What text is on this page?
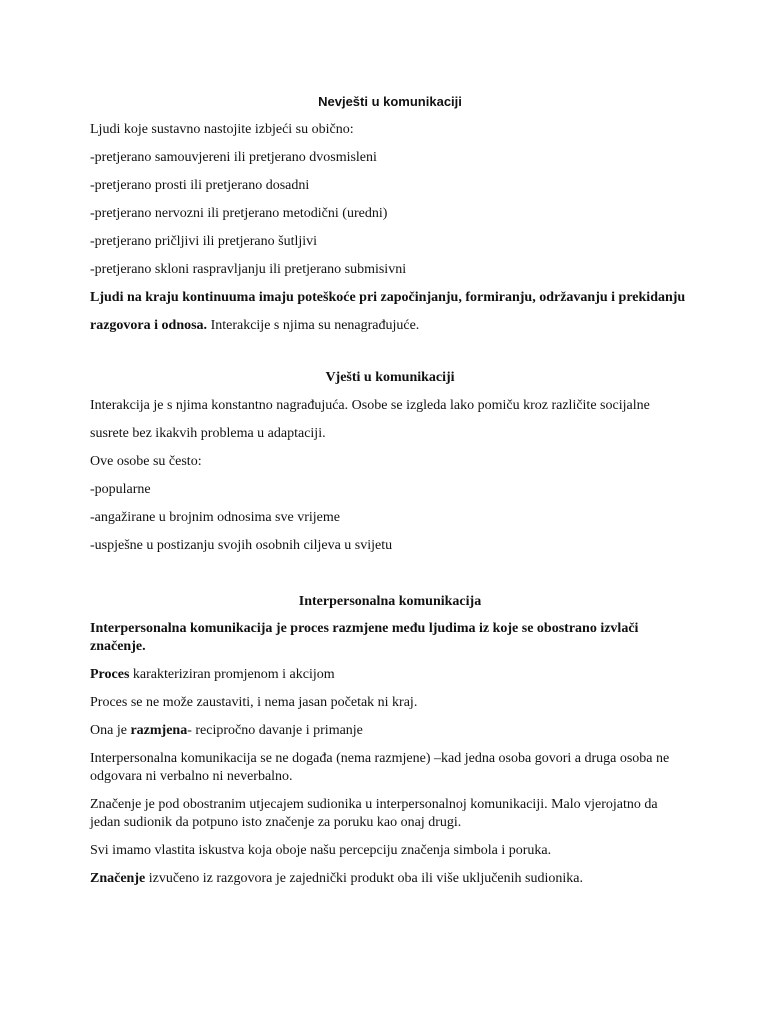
Nevješti u komunikaciji

Ljudi koje sustavno nastojite izbjeći su obično:

-pretjerano samouvjereni ili pretjerano dvosmisleni

-pretjerano prosti ili pretjerano dosadni

-pretjerano nervozni ili pretjerano metodični (uredni)

-pretjerano pričljivi ili pretjerano šutljivi

-pretjerano skloni raspravljanju ili pretjerano submisivni

Ljudi na kraju kontinuuma imaju poteškoće pri započinjanju, formiranju, održavanju i prekidanju razgovora i odnosa. Interakcije s njima su nenagrađujuće.

Vješti u komunikaciji

Interakcija je s njima konstantno nagrađujuća. Osobe se izgleda lako pomiču kroz različite socijalne susrete bez ikakvih problema u adaptaciji.

Ove osobe su često:

-popularne

-angažirane u brojnim odnosima sve vrijeme

-uspješne u postizanju svojih osobnih ciljeva u svijetu

Interpersonalna komunikacija

Interpersonalna komunikacija je proces razmjene među ljudima iz koje se obostrano izvlači značenje.

Proces karakteriziran promjenom i akcijom

Proces se ne može zaustaviti, i nema jasan početak ni kraj.

Ona je razmjena- recipročno davanje i primanje

Interpersonalna komunikacija se ne događa (nema razmjene) –kad jedna osoba govori a druga osoba ne odgovara ni verbalno ni neverbalno.

Značenje je pod obostranim utjecajem sudionika u interpersonalnoj komunikaciji. Malo vjerojatno da jedan sudionik da potpuno isto značenje za poruku kao onaj drugi.

Svi imamo vlastita iskustva koja oboje našu percepciju značenja simbola i poruka.

Značenje izvučeno iz razgovora je zajednički produkt oba ili više uključenih sudionika.
